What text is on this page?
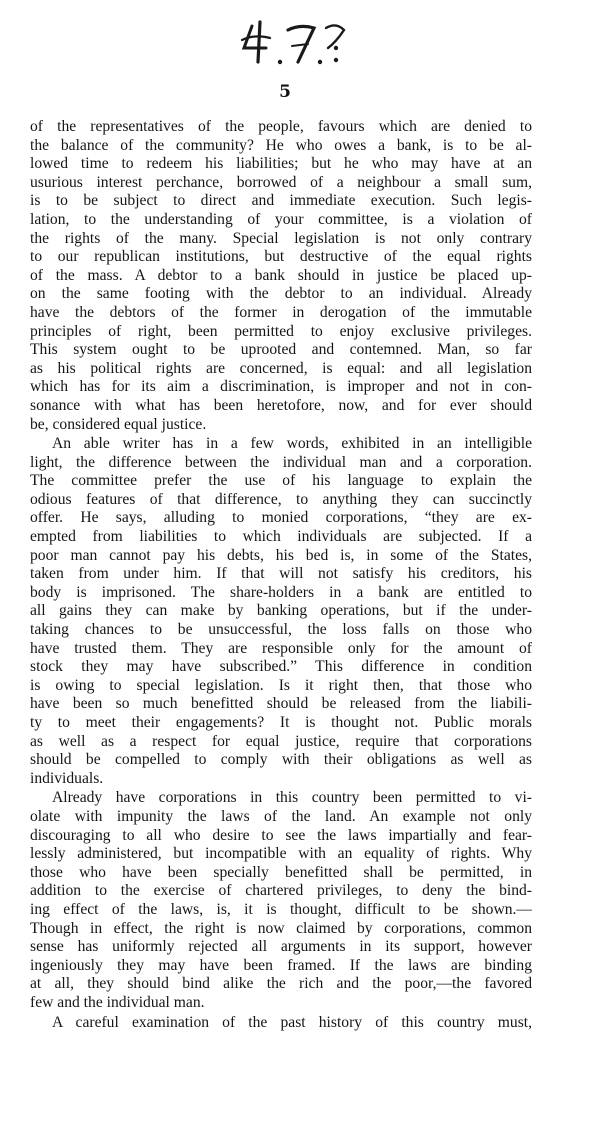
5
of the representatives of the people, favours which are denied to
the balance of the community? He who owes a bank, is to be al-
lowed time to redeem his liabilities; but he who may have at an
usurious interest perchance, borrowed of a neighbour a small sum,
is to be subject to direct and immediate execution. Such legis-
lation, to the understanding of your committee, is a violation of
the rights of the many. Special legislation is not only contrary
to our republican institutions, but destructive of the equal rights
of the mass. A debtor to a bank should in justice be placed up-
on the same footing with the debtor to an individual. Already
have the debtors of the former in derogation of the immutable
principles of right, been permitted to enjoy exclusive privileges.
This system ought to be uprooted and contemned. Man, so far
as his political rights are concerned, is equal: and all legislation
which has for its aim a discrimination, is improper and not in con-
sonance with what has been heretofore, now, and for ever should
be, considered equal justice.
An able writer has in a few words, exhibited in an intelligible
light, the difference between the individual man and a corporation.
The committee prefer the use of his language to explain the
odious features of that difference, to anything they can succinctly
offer. He says, alluding to monied corporations, “they are ex-
empted from liabilities to which individuals are subjected. If a
poor man cannot pay his debts, his bed is, in some of the States,
taken from under him. If that will not satisfy his creditors, his
body is imprisoned. The share-holders in a bank are entitled to
all gains they can make by banking operations, but if the under-
taking chances to be unsuccessful, the loss falls on those who
have trusted them. They are responsible only for the amount of
stock they may have subscribed.” This difference in condition
is owing to special legislation. Is it right then, that those who
have been so much benefitted should be released from the liabili-
ty to meet their engagements? It is thought not. Public morals
as well as a respect for equal justice, require that corporations
should be compelled to comply with their obligations as well as
individuals.
Already have corporations in this country been permitted to vi-
olate with impunity the laws of the land. An example not only
discouraging to all who desire to see the laws impartially and fear-
lessly administered, but incompatible with an equality of rights. Why
those who have been specially benefitted shall be permitted, in
addition to the exercise of chartered privileges, to deny the bind-
ing effect of the laws, is, it is thought, difficult to be shown.—
Though in effect, the right is now claimed by corporations, common
sense has uniformly rejected all arguments in its support, however
ingeniously they may have been framed. If the laws are binding
at all, they should bind alike the rich and the poor,—the favored
few and the individual man.
A careful examination of the past history of this country must,
